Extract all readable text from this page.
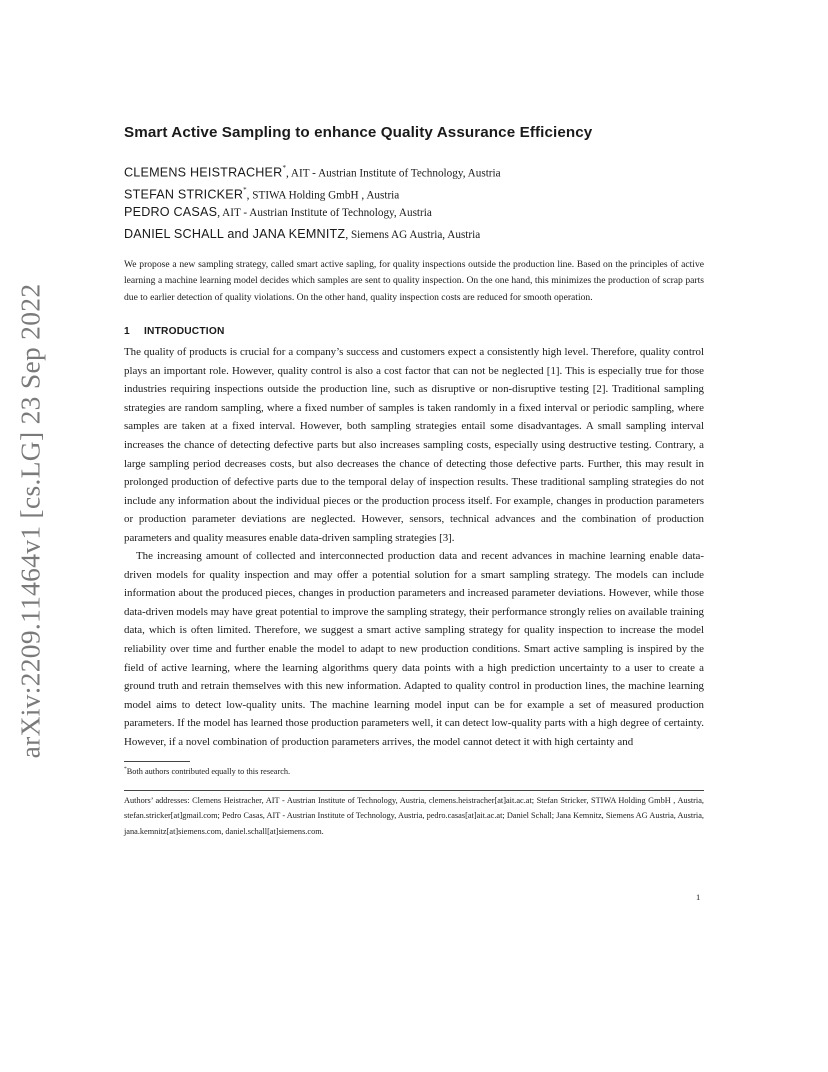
arXiv:2209.11464v1 [cs.LG] 23 Sep 2022
Smart Active Sampling to enhance Quality Assurance Efficiency

CLEMENS HEISTRACHER*, AIT - Austrian Institute of Technology, Austria

STEFAN STRICKER*, STIWA Holding GmbH , Austria

PEDRO CASAS, AIT - Austrian Institute of Technology, Austria

DANIEL SCHALL and JANA KEMNITZ, Siemens AG Austria, Austria

We propose a new sampling strategy, called smart active sapling, for quality inspections outside the production line. Based on the principles of active learning a machine learning model decides which samples are sent to quality inspection. On the one hand, this minimizes the production of scrap parts due to earlier detection of quality violations. On the other hand, quality inspection costs are reduced for smooth operation.

1 INTRODUCTION

The quality of products is crucial for a company’s success and customers expect a consistently high level. Therefore, quality control plays an important role. However, quality control is also a cost factor that can not be neglected [1]. This is especially true for those industries requiring inspections outside the production line, such as disruptive or non-disruptive testing [2]. Traditional sampling strategies are random sampling, where a fixed number of samples is taken randomly in a fixed interval or periodic sampling, where samples are taken at a fixed interval. However, both sampling strategies entail some disadvantages. A small sampling interval increases the chance of detecting defective parts but also increases sampling costs, especially using destructive testing. Contrary, a large sampling period decreases costs, but also decreases the chance of detecting those defective parts. Further, this may result in prolonged production of defective parts due to the temporal delay of inspection results. These traditional sampling strategies do not include any information about the individual pieces or the production process itself. For example, changes in production parameters or production parameter deviations are neglected. However, sensors, technical advances and the combination of production parameters and quality measures enable data-driven sampling strategies [3].

The increasing amount of collected and interconnected production data and recent advances in machine learning enable data-driven models for quality inspection and may offer a potential solution for a smart sampling strategy. The models can include information about the produced pieces, changes in production parameters and increased parameter deviations. However, while those data-driven models may have great potential to improve the sampling strategy, their performance strongly relies on available training data, which is often limited. Therefore, we suggest a smart active sampling strategy for quality inspection to increase the model reliability over time and further enable the model to adapt to new production conditions. Smart active sampling is inspired by the field of active learning, where the learning algorithms query data points with a high prediction uncertainty to a user to create a ground truth and retrain themselves with this new information. Adapted to quality control in production lines, the machine learning model aims to detect low-quality units. The machine learning model input can be for example a set of measured production parameters. If the model has learned those production parameters well, it can detect low-quality parts with a high degree of certainty. However, if a novel combination of production parameters arrives, the model cannot detect it with high certainty and

*Both authors contributed equally to this research.

Authors’ addresses: Clemens Heistracher, AIT - Austrian Institute of Technology, Austria, clemens.heistracher[at]ait.ac.at; Stefan Stricker, STIWA Holding GmbH , Austria, stefan.stricker[at]gmail.com; Pedro Casas, AIT - Austrian Institute of Technology, Austria, pedro.casas[at]ait.ac.at; Daniel Schall; Jana Kemnitz, Siemens AG Austria, Austria, jana.kemnitz[at]siemens.com, daniel.schall[at]siemens.com.

1
